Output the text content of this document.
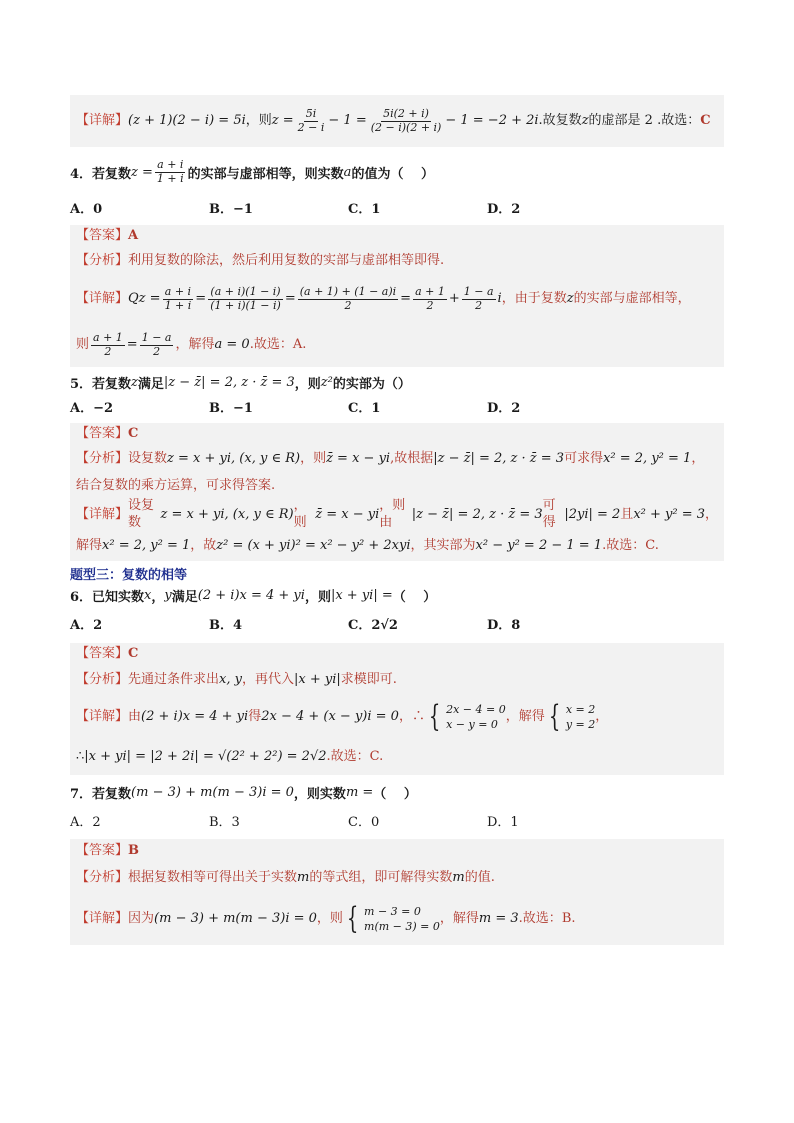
【详解】 (z + 1)(2 − i) = 5i ，则 $z = \frac{5i}{2 - i} - 1 = \frac{5i(2 + i)}{(2 - i)(2 + i)} - 1 = -2 + 2i$ .故复数 z 的虚部是 2 .故选： C
4．若复数 $z = \frac{a + i}{1 + i}$ 的实部与虚部相等，则实数 a 的值为（　 ）
A．0	B．−1	C．1	D．2
【答案】 A
【分析】 利用复数的除法，然后利用复数的实部与虚部相等即得.
【详解】 $Qz = \frac{a + i}{1 + i} = \frac{(a + i)(1 - i)}{(1 + i)(1 - i)} = \frac{(a + 1) + (1 - a)i}{2} = \frac{a + 1}{2} + \frac{1 - a}{2}$ i ，由于复数 z 的实部与虚部相等，
则 $\frac{a + 1}{2} = \frac{1 - a}{2}$ ，解得 a = 0 .故选： A.
5．若复数 z 满足 |z − z̄| = 2, z · z̄ = 3 ，则 z² 的实部为（）
A．−2	B．−1	C．1	D．2
【答案】 C
【分析】 设复数 z = x + yi, (x, y ∈ R) ，则 z̄ = x − yi ,故根据 |z − z̄| = 2, z · z̄ = 3 可求得 x² = 2, y² = 1 ，
结合复数的乘方运算，可求得答案.
【详解】
设复数
z = x + yi, (x, y ∈ R)
，则
z̄ = x − yi
，则由
|z − z̄| = 2, z · z̄ = 3
可得
|2yi| = 2 且 x² + y² = 3 ，
解得 x² = 2, y² = 1 ，故 z² = (x + yi)² = x² − y² + 2xyi ，其实部为 x² − y² = 2 − 1 = 1 .故选： C.
题型三：复数的相等
6．已知实数 x ， y 满足 (2 + i)x = 4 + yi ，则 |x + yi| = （　 ）
A．2	B．4	C．2√2	D．8
【答案】 C
【分析】 先通过条件求出 x, y ，再代入 |x + yi| 求模即可.
【详解】 由 (2 + i)x = 4 + yi 得 2x − 4 + (x − y)i = 0 ，∴ { 2x − 4 = 0
x − y = 0
，解得 { x = 2
y = 2
，
∴ |x + yi| = |2 + 2i| = √(2² + 2²) = 2√2 .故选： C.
7．若复数 (m − 3) + m(m − 3)i = 0 ，则实数 m = （　 ）
A．2	B．3	C．0	D．1
【答案】 B
【分析】 根据复数相等可得出关于实数 m 的等式组，即可解得实数 m 的值.
【详解】 因为 (m − 3) + m(m − 3)i = 0 ，则 { m − 3 = 0
m(m − 3) = 0
，解得 m = 3 .故选： B.
